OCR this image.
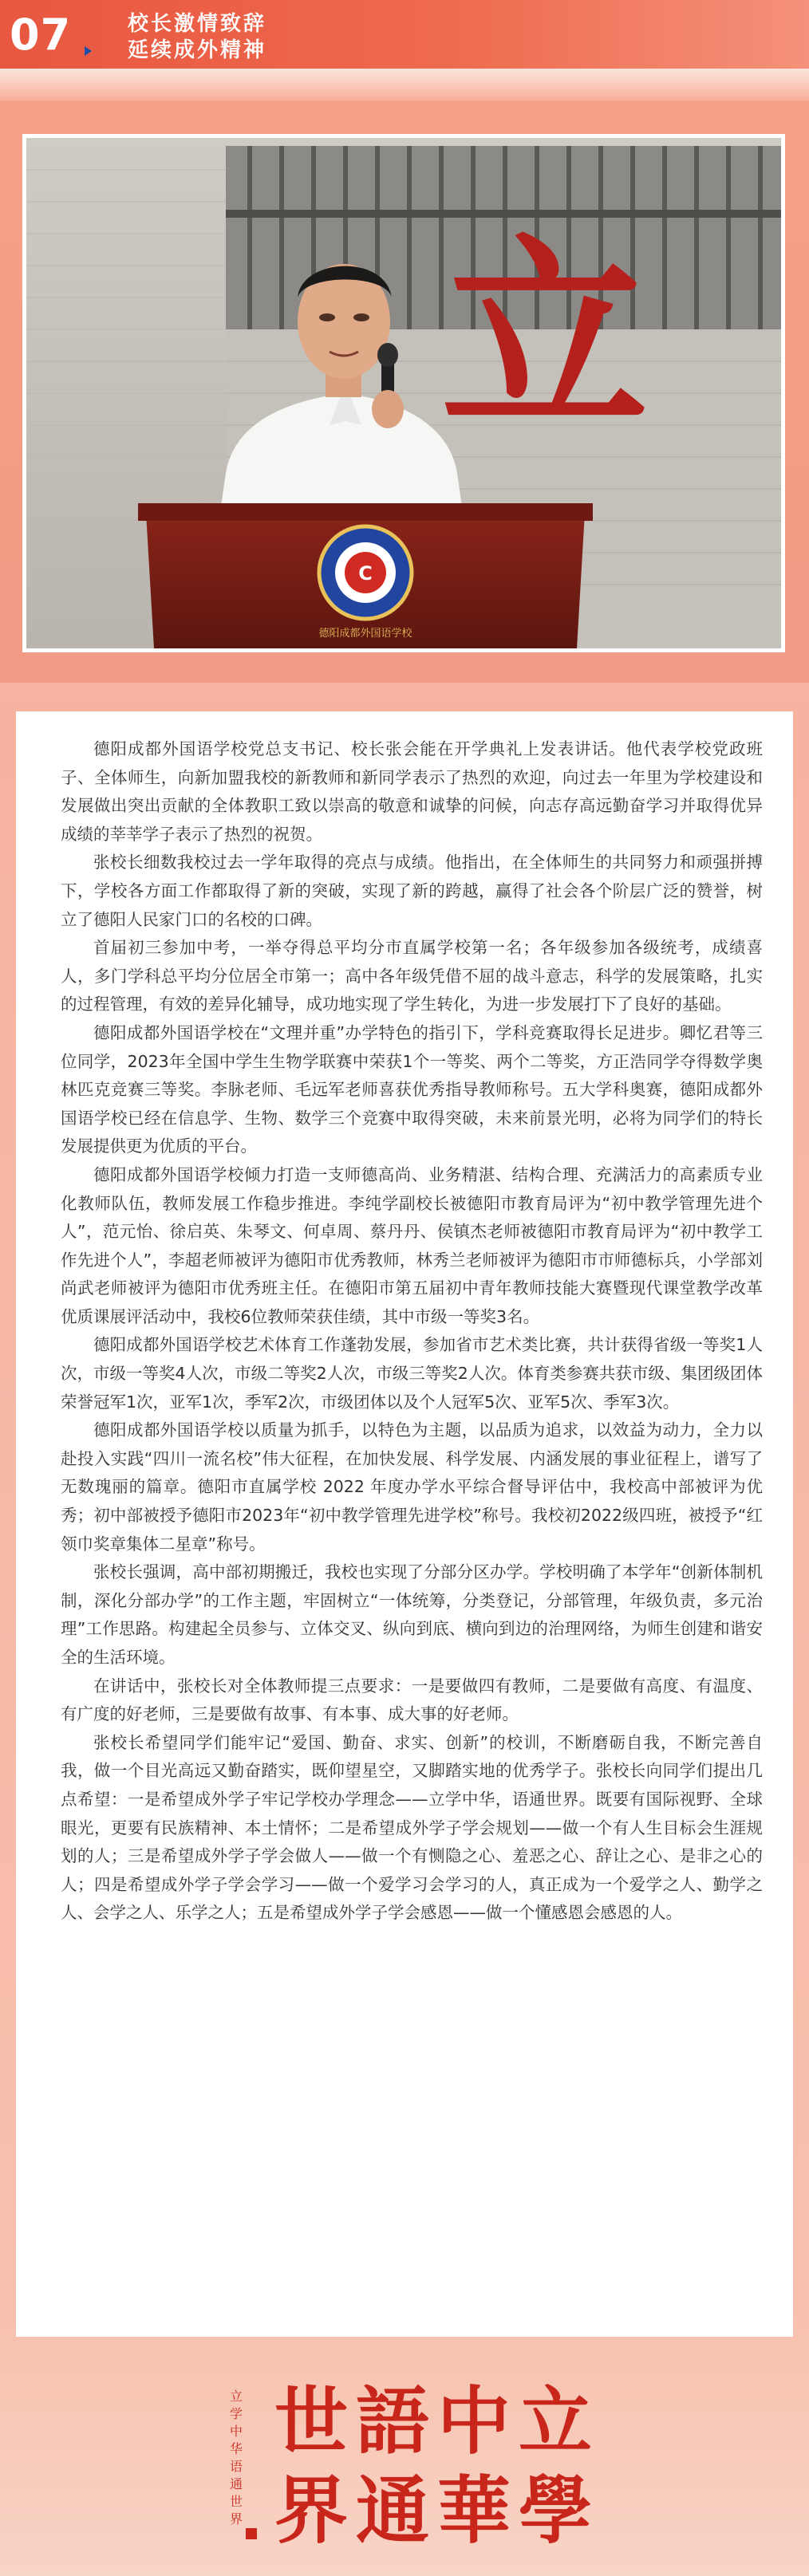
07	校长激情致辞
延续成外精神
立
C
德阳成都外国语学校

德阳成都外国语学校党总支书记、校长张会能在开学典礼上发表讲话。他代表学校党政班子、全体师生，向新加盟我校的新教师和新同学表示了热烈的欢迎，向过去一年里为学校建设和发展做出突出贡献的全体教职工致以崇高的敬意和诚挚的问候，向志存高远勤奋学习并取得优异成绩的莘莘学子表示了热烈的祝贺。

张校长细数我校过去一学年取得的亮点与成绩。他指出，在全体师生的共同努力和顽强拼搏下，学校各方面工作都取得了新的突破，实现了新的跨越，赢得了社会各个阶层广泛的赞誉，树立了德阳人民家门口的名校的口碑。

首届初三参加中考，一举夺得总平均分市直属学校第一名；各年级参加各级统考，成绩喜人，多门学科总平均分位居全市第一；高中各年级凭借不屈的战斗意志，科学的发展策略，扎实的过程管理，有效的差异化辅导，成功地实现了学生转化，为进一步发展打下了良好的基础。

德阳成都外国语学校在“文理并重”办学特色的指引下，学科竞赛取得长足进步。卿忆君等三位同学，2023年全国中学生生物学联赛中荣获1个一等奖、两个二等奖，方正浩同学夺得数学奥林匹克竞赛三等奖。李脉老师、毛远军老师喜获优秀指导教师称号。五大学科奥赛，德阳成都外国语学校已经在信息学、生物、数学三个竞赛中取得突破，未来前景光明，必将为同学们的特长发展提供更为优质的平台。

德阳成都外国语学校倾力打造一支师德高尚、业务精湛、结构合理、充满活力的高素质专业化教师队伍，教师发展工作稳步推进。李纯学副校长被德阳市教育局评为“初中教学管理先进个人”，范元怡、徐启英、朱琴文、何卓周、蔡丹丹、侯镇杰老师被德阳市教育局评为“初中教学工作先进个人”，李超老师被评为德阳市优秀教师，林秀兰老师被评为德阳市市师德标兵，小学部刘尚武老师被评为德阳市优秀班主任。在德阳市第五届初中青年教师技能大赛暨现代课堂教学改革优质课展评活动中，我校6位教师荣获佳绩，其中市级一等奖3名。

德阳成都外国语学校艺术体育工作蓬勃发展，参加省市艺术类比赛，共计获得省级一等奖1人次，市级一等奖4人次，市级二等奖2人次，市级三等奖2人次。体育类参赛共获市级、集团级团体荣誉冠军1次，亚军1次，季军2次，市级团体以及个人冠军5次、亚军5次、季军3次。

德阳成都外国语学校以质量为抓手，以特色为主题，以品质为追求，以效益为动力，全力以赴投入实践“四川一流名校”伟大征程，在加快发展、科学发展、内涵发展的事业征程上，谱写了无数瑰丽的篇章。德阳市直属学校 2022 年度办学水平综合督导评估中，我校高中部被评为优秀；初中部被授予德阳市2023年“初中教学管理先进学校”称号。我校初2022级四班，被授予“红领巾奖章集体二星章”称号。

张校长强调，高中部初期搬迁，我校也实现了分部分区办学。学校明确了本学年“创新体制机制，深化分部办学”的工作主题，牢固树立“一体统筹，分类登记，分部管理，年级负责，多元治理”工作思路。构建起全员参与、立体交叉、纵向到底、横向到边的治理网络，为师生创建和谐安全的生活环境。

在讲话中，张校长对全体教师提三点要求：一是要做四有教师，二是要做有高度、有温度、有广度的好老师，三是要做有故事、有本事、成大事的好老师。

张校长希望同学们能牢记“爱国、勤奋、求实、创新”的校训，不断磨砺自我，不断完善自我，做一个目光高远又勤奋踏实，既仰望星空，又脚踏实地的优秀学子。张校长向同学们提出几点希望：一是希望成外学子牢记学校办学理念——立学中华，语通世界。既要有国际视野、全球眼光，更要有民族精神、本土情怀；二是希望成外学子学会规划——做一个有人生目标会生涯规划的人；三是希望成外学子学会做人——做一个有恻隐之心、羞恶之心、辞让之心、是非之心的人；四是希望成外学子学会学习——做一个爱学习会学习的人，真正成为一个爱学之人、勤学之人、会学之人、乐学之人；五是希望成外学子学会感恩——做一个懂感恩会感恩的人。

立
学
中
华
语
通
世
界
立
學
中
華
語
通
世
界
